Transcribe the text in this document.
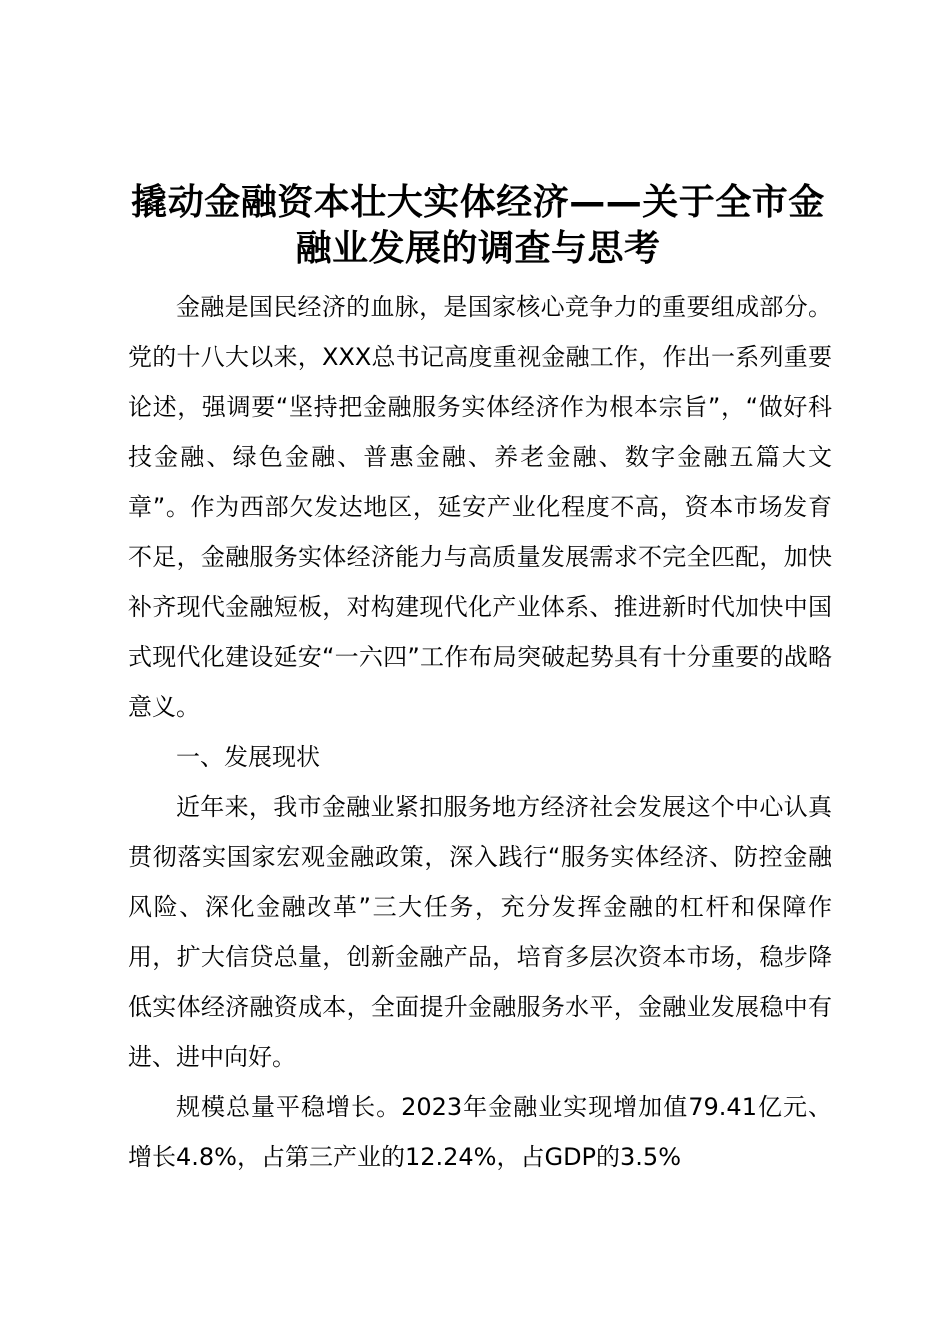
撬动金融资本壮大实体经济——关于全市金融业发展的调查与思考

金融是国民经济的血脉，是国家核心竞争力的重要组成部分。党的十八大以来，XXX总书记高度重视金融工作，作出一系列重要论述，强调要“坚持把金融服务实体经济作为根本宗旨”，“做好科技金融、绿色金融、普惠金融、养老金融、数字金融五篇大文章”。作为西部欠发达地区，延安产业化程度不高，资本市场发育不足，金融服务实体经济能力与高质量发展需求不完全匹配，加快补齐现代金融短板，对构建现代化产业体系、推进新时代加快中国式现代化建设延安“一六四”工作布局突破起势具有十分重要的战略意义。

一、发展现状

近年来，我市金融业紧扣服务地方经济社会发展这个中心认真贯彻落实国家宏观金融政策，深入践行“服务实体经济、防控金融风险、深化金融改革”三大任务，充分发挥金融的杠杆和保障作用，扩大信贷总量，创新金融产品，培育多层次资本市场，稳步降低实体经济融资成本，全面提升金融服务水平，金融业发展稳中有进、进中向好。

规模总量平稳增长。2023年金融业实现增加值79.41亿元、增长4.8%，占第三产业的12.24%，占GDP的3.5%
